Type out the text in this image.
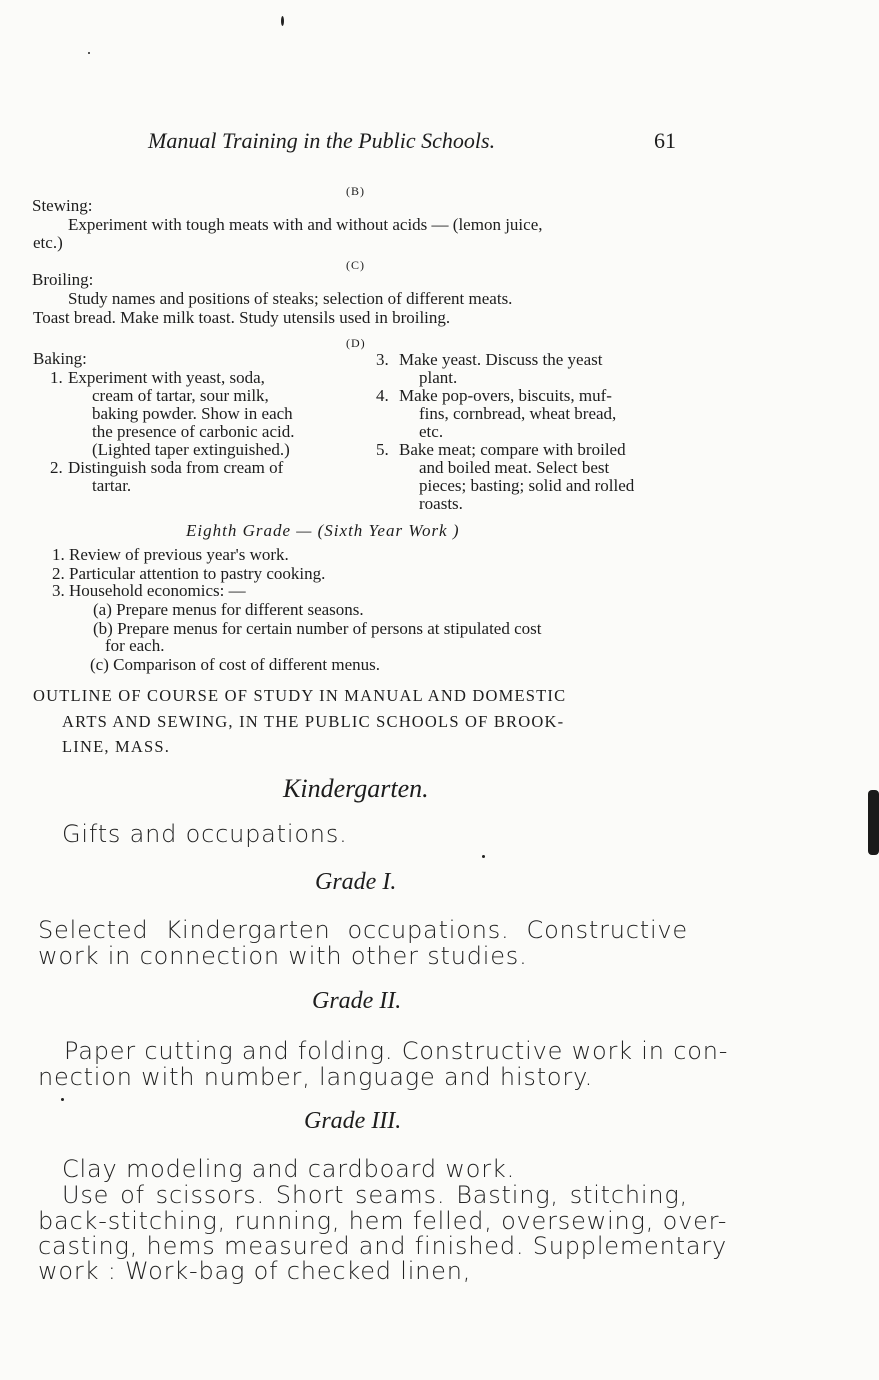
Manual Training in the Public Schools.	61
(B)
Stewing:
Experiment with tough meats with and without acids — (lemon juice,
etc.)
(C)
Broiling:
Study names and positions of steaks; selection of different meats.
Toast bread. Make milk toast. Study utensils used in broiling.
(D)
Baking:
1. Experiment with yeast, soda,
cream of tartar, sour milk,
baking powder. Show in each
the presence of carbonic acid.
(Lighted taper extinguished.)
2. Distinguish soda from cream of
tartar.
3. Make yeast. Discuss the yeast
plant.
4. Make pop-overs, biscuits, muf-
fins, cornbread, wheat bread,
etc.
5. Bake meat; compare with broiled
and boiled meat. Select best
pieces; basting; solid and rolled
roasts.
Eighth Grade — (Sixth Year Work )
1. Review of previous year's work.
2. Particular attention to pastry cooking.
3. Household economics: —
(a) Prepare menus for different seasons.
(b) Prepare menus for certain number of persons at stipulated cost
for each.
(c) Comparison of cost of different menus.
OUTLINE OF COURSE OF STUDY IN MANUAL AND DOMESTIC
ARTS AND SEWING, IN THE PUBLIC SCHOOLS OF BROOK-
LINE, MASS.
Kindergarten.
Gifts and occupations.
Grade I.
Selected Kindergarten occupations. Constructive
work in connection with other studies.
Grade II.
Paper cutting and folding. Constructive work in con-
nection with number, language and history.
Grade III.
Clay modeling and cardboard work.
Use of scissors. Short seams. Basting, stitching,
back-stitching, running, hem felled, oversewing, over-
casting, hems measured and finished. Supplementary
work : Work-bag of checked linen,
